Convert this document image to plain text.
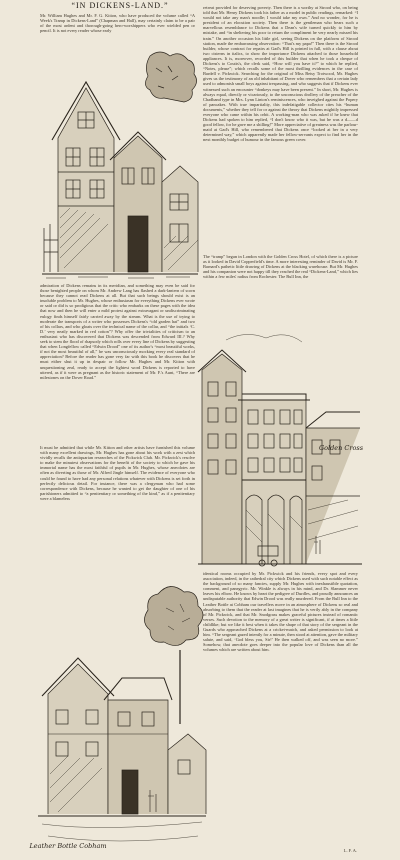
“IN DICKENS-LAND.”

Mr. William Hughes and Mr. F. G. Kitton, who have produced the volume called “A Week's Tramp in Dickens-Land” (Chapman and Hall), may certainly claim to be a pair of the most ardent and thorough-going hero-worshippers who ever wielded pen or pencil. It is not every reader whose early

admiration of Dickens remains in its meridian, and something may even be said for those benighted people on whom Mr. Andrew Lang has flashed a dark-lantern of scorn because they cannot read Dickens at all. But that such beings should exist is an insoluble problem to Mr. Hughes, whose enthusiasm for everything Dickens ever wrote or said or did is so prodigious that the critic who embarks on these pages with the idea that now and then he will enter a mild protest against extravagant or undiscriminating eulogy finds himself fairly carried away by the stream. What is the use of trying to moderate the transports of a writer who possesses Dickens's “old garden hat” and two of his collars, and who gloats over the technical name of the collar, and “the initials ‘C. D.’ very neatly marked in red cotton”? Why offer the trivialities of criticism to an enthusiast who has discovered that Dickens was descended from Edward III.? Why seek to stem the flood of rhapsody which rolls over every line of Dickens by suggesting that when Longfellow called “Edwin Drood” one of its author's “most beautiful works, if not the most beautiful of all,” he was unconsciously mocking every real standard of appreciation? Before the reader has gone very far with this book he discovers that he must either shut it up in despair or follow Mr. Hughes and Mr. Kitton with unquestioning zeal, ready to accept the lightest word Dickens is reported to have uttered, as if it were as pregnant as the historic statement of Mr. F.'s Aunt, “There are milestones on the Dover Road.”

It must be admitted that while Mr. Kitton and other artists have furnished this volume with many excellent drawings, Mr. Hughes has gone about his work with a zest which vividly recalls the antiquarian researches of the Pickwick Club. Mr. Pickwick's resolve to make the minutest observations for the benefit of the society to which he gave his immortal name has the most faithful of pupils in Mr. Hughes, whose anecdotes are often as diverting as those of Mr. Alfred Jingle himself. The evidence of everyone who could be found to have had any personal relations whatever with Dickens is set forth in perfectly delicious detail. For instance, there was a clergyman who had some correspondence with Dickens, because he wanted to get the daughter of one of his parishioners admitted to “a penitentiary or something of the kind,” as if a penitentiary were a blameless

retreat provided for deserving poverty. Then there is a worthy at Strood who, on being told that Mr. Henry Dickens took his father as a model in public readings, remarked: “I would not take any man's noodle; I would take my own.” And no wonder, for he is president of an elocution society. Then there is the gentleman who bears such a marvellous resemblance to Dickens that a Dean's wife turned quickly to him by mistake, and “in sheltering his poor to return the compliment he very nearly missed his train.” On another occasion his little girl, seeing Dickens on the platform of Strood station, made the embarrassing observation: “That's my papa!” Then there is the Strood builder, whose contract for repairs at Gad's Hill is printed in full, with a clause about two cisterns in italics, to show the importance Dickens attached to those household appliances. It is, moreover, recorded of this builder that when he took a cheque of Dickens's to Coutts's, the clerk said, “How will you have it?” to which he replied, “Notes, please”; which recalls some of the most thrilling evidences in the case of Bardell v. Pickwick. Searching for the original of Miss Betsy Trotwood, Mr. Hughes gives us the testimony of an old inhabitant of Dover who remembers that a certain lady used to admonish small boys against trespassing, and who suggests that if Dickens ever witnessed such an encounter “donkeys may have been present.” In short, Mr. Hughes is always equal, directly or vicariously, to the unconscious drollery of the preacher of the Chadband type in Mrs. Lynn Linton's reminiscences, who inveighed against the Popery of pancakes. With true impartiality, this indefatigable collector cites his “human documents,” whether they tell for or against the theory that Dickens mightily impressed everyone who came within his orbit. A working-man who was asked if he knew that Dickens had spoken to him replied, “I don't know who it was, but he was a d——d good fellow, for he gave me a shilling!” More appreciative of greatness was the parlour-maid at Gad's Hill, who remembered that Dickens once “looked at her in a very determined way,” which apparently made her fellow-servants expect to find her in the next monthly budget of humour in the famous green cover.

The “tramp” began in London with the Golden Cross Hotel, of which there is a picture as it looked in David Copperfield's time. A more interesting reminder of David is Mr. F. Barnard's pathetic little drawing of Dickens at the blacking warehouse. But Mr. Hughes and his companion were not happy till they reached the real “Dickens-Land,” which lies within a few miles' radius from Rochester. The Bull Inn, the

Golden Cross
Leather Bottle Cobham

identical rooms occupied by Mr. Pickwick and his friends, every spot and every association, indeed, in the cathedral city which Dickens used with such notable effect as the background of so many fancies, supply Mr. Hughes with inexhaustible quotation, comment, and panegyric. Mr. Winkle is always in his mind, and Dr. Slammer never leaves his elbow. He knows by heart the pedigree of Durdles, and proudly announces an undisputable authority that Edwin Drood was really murdered. From the Bull Inn to the Leather Bottle at Cobham our travellers move in an atmosphere of Dickens so real and absorbing to them that the reader at last imagines that he is verily ably in the company of Mr. Pickwick, and that Mr. Snodgrass makes graceful pictures instead of romantic verses. Such devotion to the memory of a great writer is significant, if at times a little childlike; but we like it best when it takes the shape of that story of the sergeant in the Guards who approached Dickens at a cricket-match, and asked permission to look at him. “The sergeant gazed intently for a minute, then stood at attention, gave the military salute, and said, ‘God bless you, Sir!’ He then walked off, and was seen no more.” Somehow, that anecdote goes deeper into the popular love of Dickens than all the volumes which are written about him.

L. F. A.
